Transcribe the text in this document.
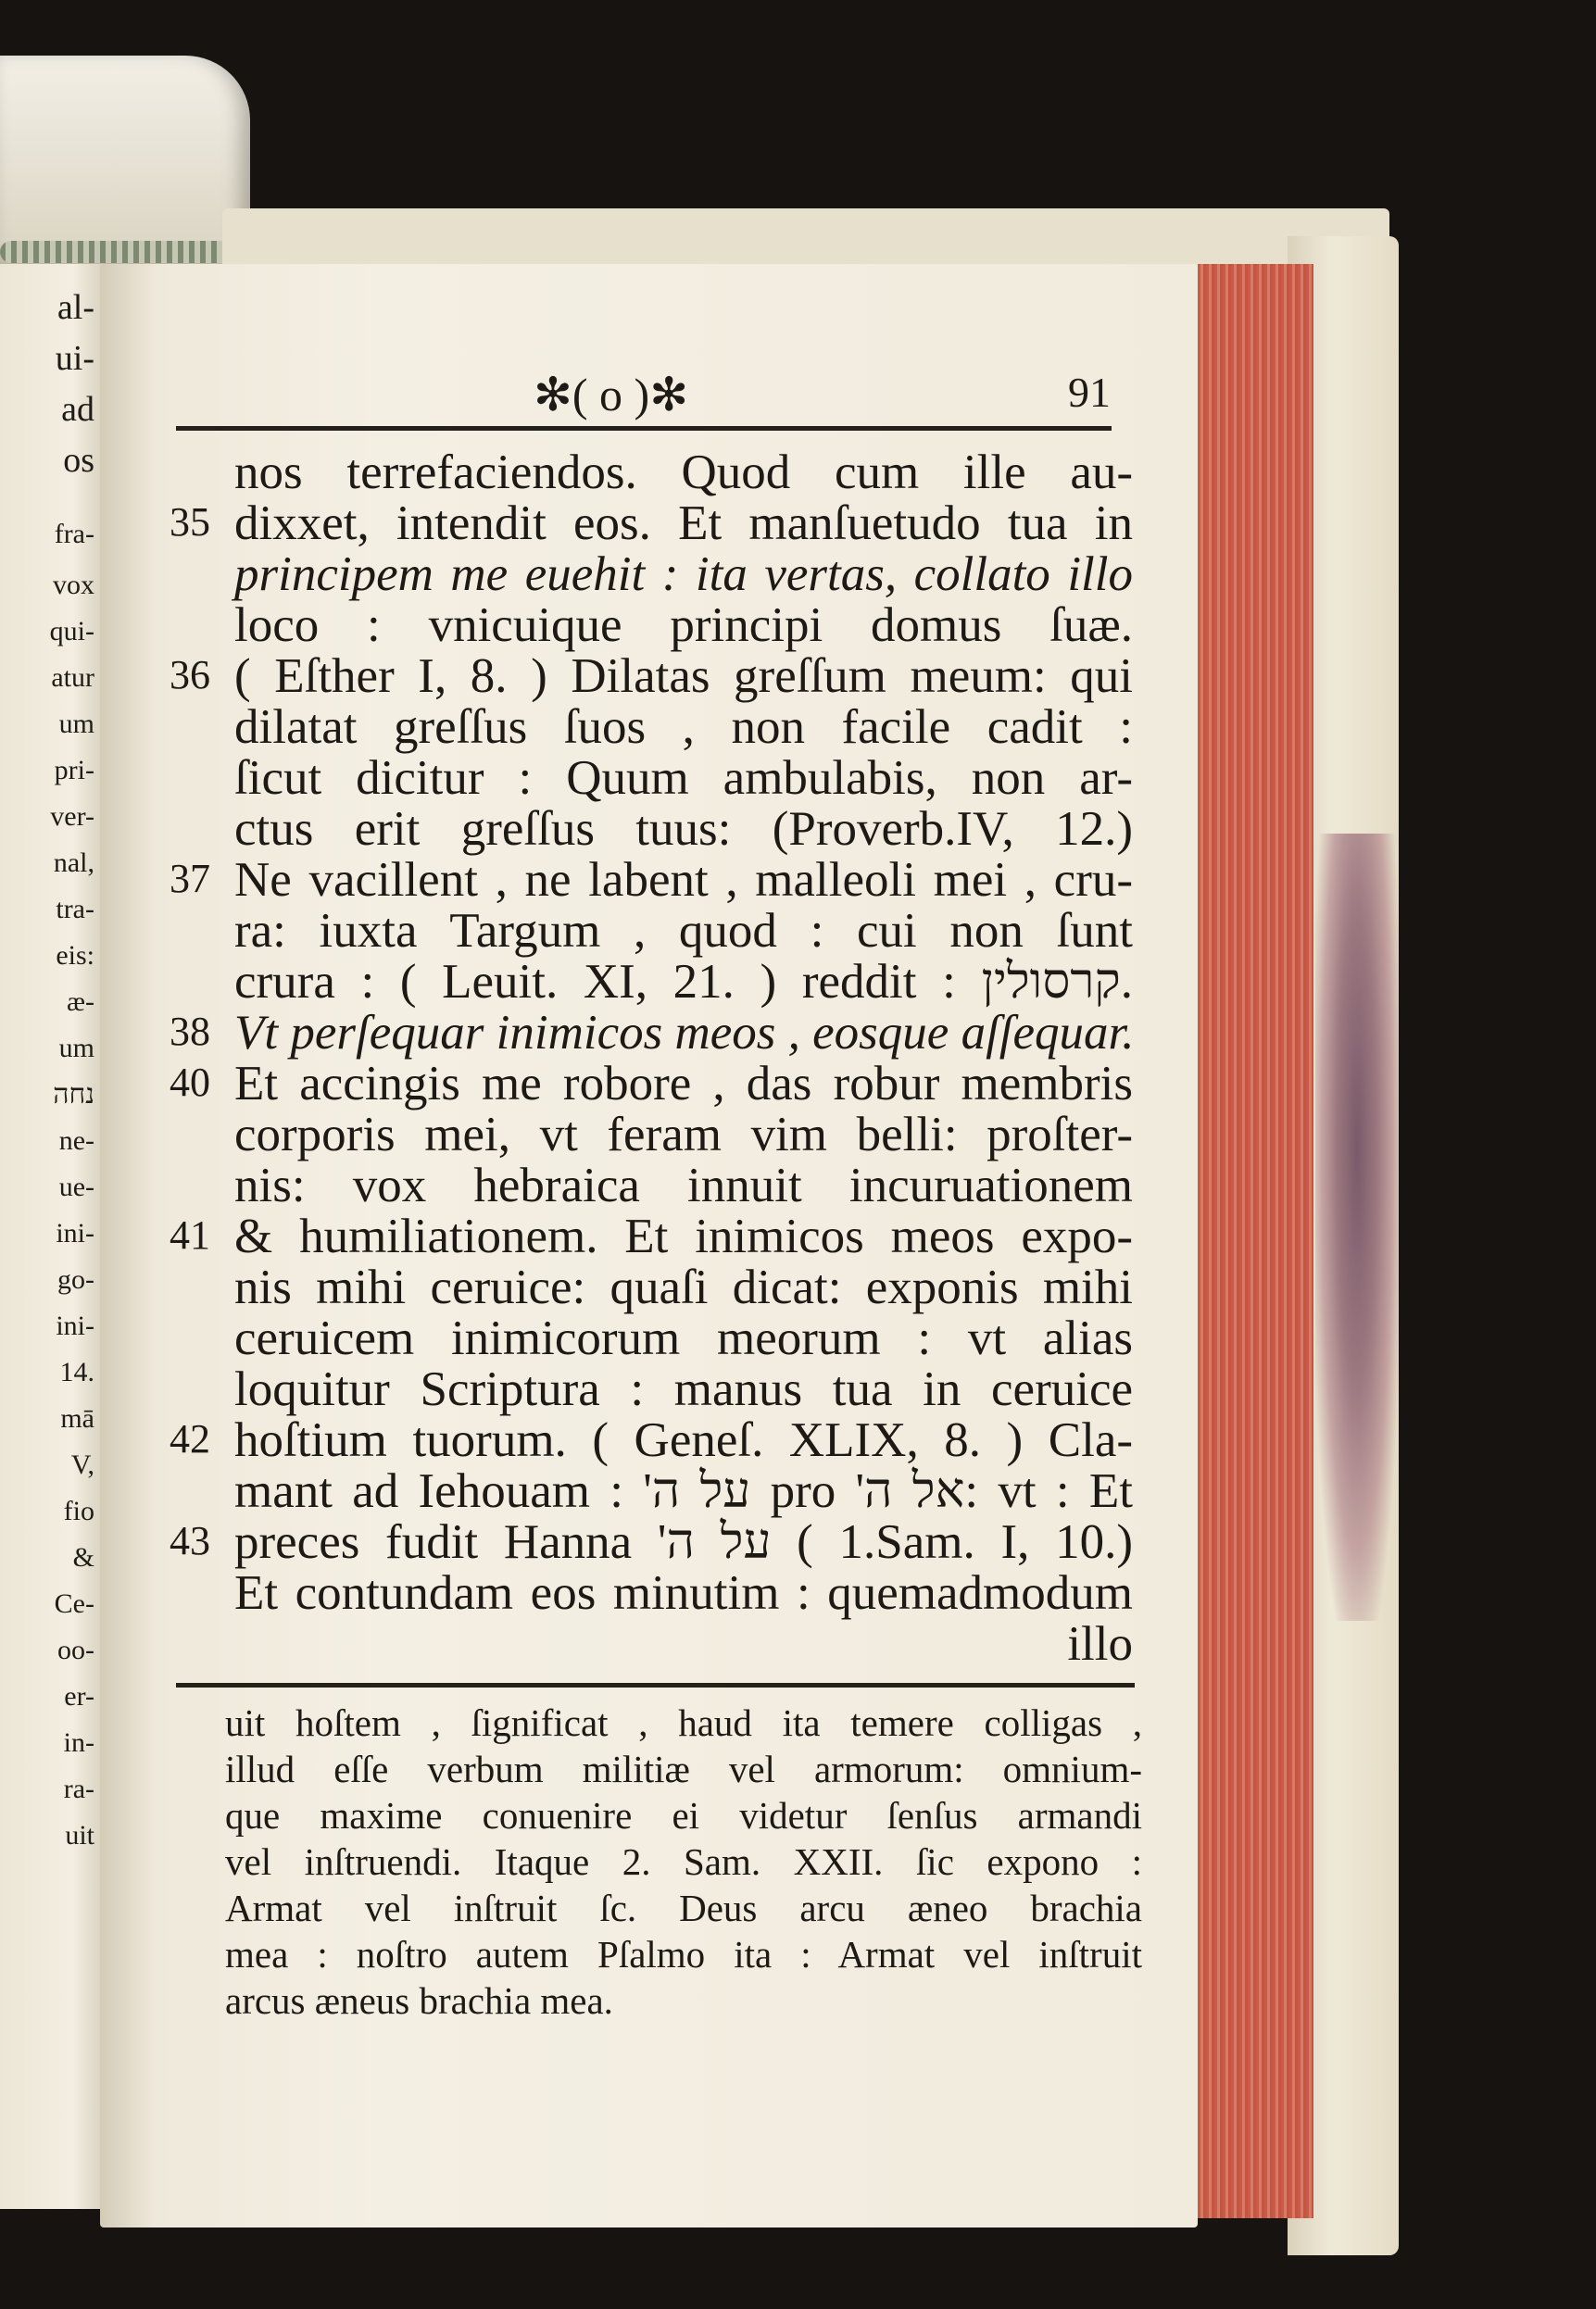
al-
ui-
ad
os
fra-
vox
qui-
atur
um
pri-
ver-
nal,
tra-
eis:
æ-
um
נחה
ne-
ue-
ini-
go-
ini-
14.
mā
V,
fio
&
Ce-
oo-
er-
in-
ra-
uit
✻( o )✻	91
nos terrefaciendos. Quod cum ille au-
35 dixxet, intendit eos. Et manſuetudo tua in
principem me euehit : ita vertas, collato illo
loco : vnicuique principi domus ſuæ.
36 ( Eſther I, 8. ) Dilatas greſſum meum: qui
dilatat greſſus ſuos , non facile cadit :
ſicut dicitur : Quum ambulabis, non ar-
ctus erit greſſus tuus: (Proverb.IV, 12.)
37 Ne vacillent , ne labent , malleoli mei , cru-
ra: iuxta Targum , quod : cui non ſunt
crura : ( Leuit. XI, 21. ) reddit : קרסולין.
38 Vt perſequar inimicos meos , eosque aſſequar.
40 Et accingis me robore , das robur membris
corporis mei, vt feram vim belli: proſter-
nis: vox hebraica innuit incuruationem
41 & humiliationem. Et inimicos meos expo-
nis mihi ceruice: quaſi dicat: exponis mihi
ceruicem inimicorum meorum : vt alias
loquitur Scriptura : manus tua in ceruice
42 hoſtium tuorum. ( Geneſ. XLIX, 8. ) Cla-
mant ad Iehouam : 'על ה pro 'אל ה: vt : Et
43 preces fudit Hanna 'על ה ( 1.Sam. I, 10.)
Et contundam eos minutim : quemadmodum
illo
uit hoſtem , ſignificat , haud ita temere colligas ,
illud eſſe verbum militiæ vel armorum: omnium-
que maxime conuenire ei videtur ſenſus armandi
vel inſtruendi. Itaque 2. Sam. XXII. ſic expono :
Armat vel inſtruit ſc. Deus arcu æneo brachia
mea : noſtro autem Pſalmo ita : Armat vel inſtruit
arcus æneus brachia mea.
